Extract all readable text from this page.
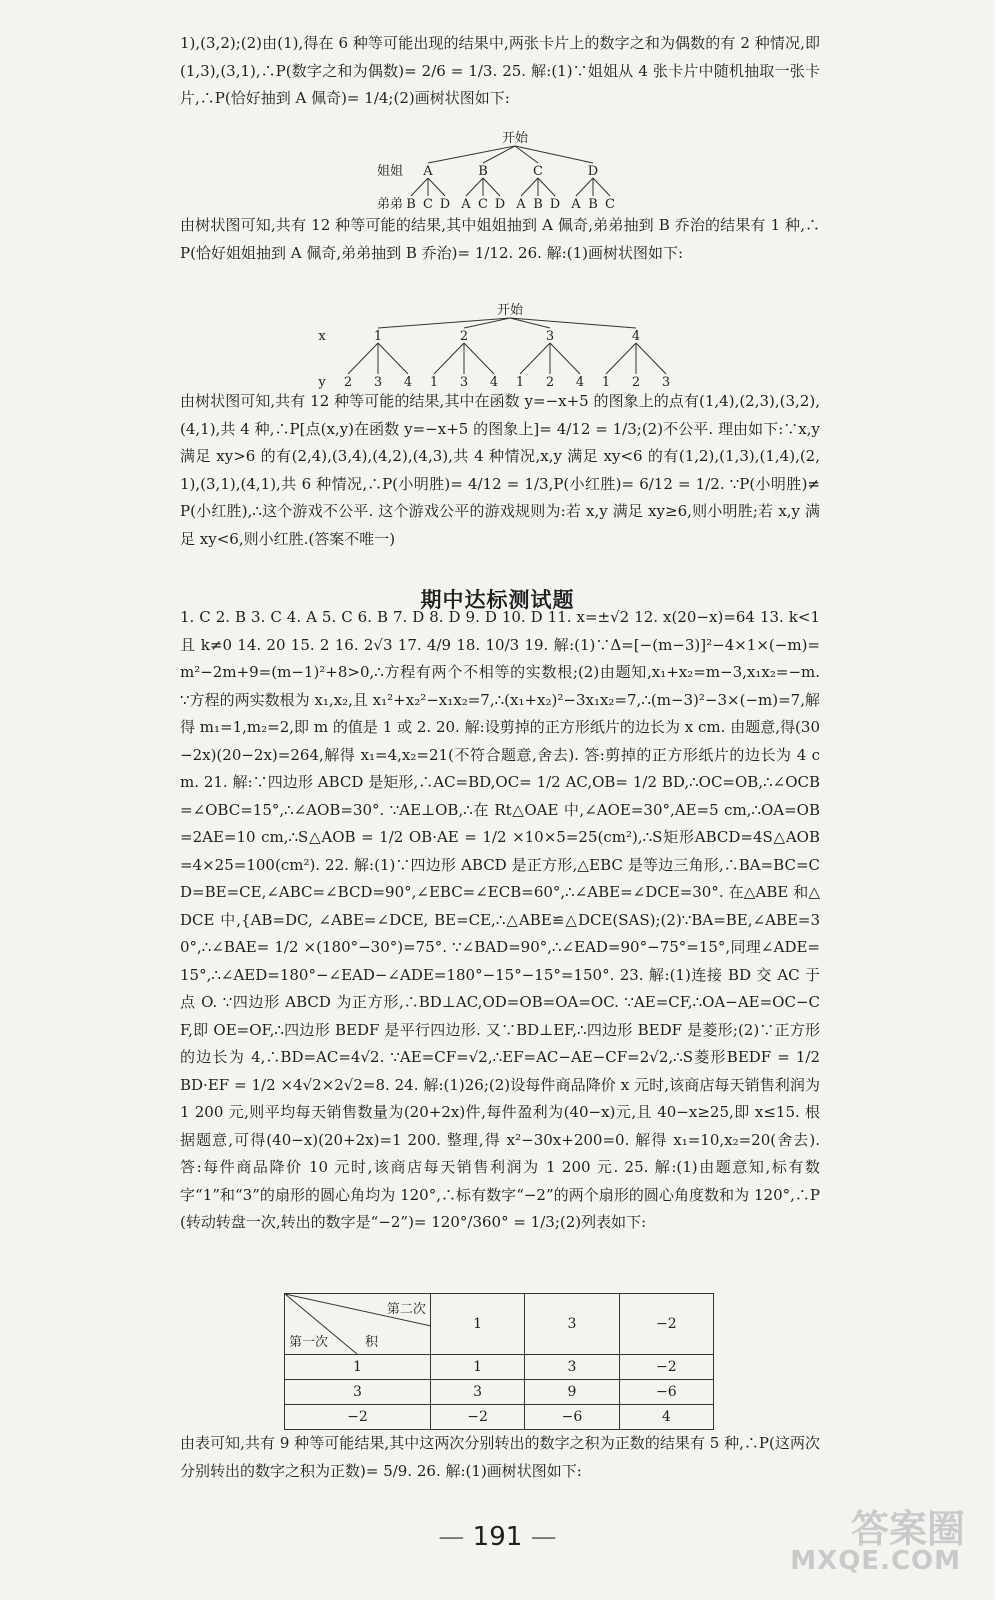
1),(3,2);(2)由(1),得在 6 种等可能出现的结果中,两张卡片上的数字之和为偶数的有 2 种情况,即(1,3),(3,1),∴P(数字之和为偶数)= 2/6 = 1/3. 25. 解:(1)∵姐姐从 4 张卡片中随机抽取一张卡片,∴P(恰好抽到 A 佩奇)= 1/4;(2)画树状图如下:
开始
姐姐
弟弟
A
B C D
B
A C D
C
A B D
D
A B C
由树状图可知,共有 12 种等可能的结果,其中姐姐抽到 A 佩奇,弟弟抽到 B 乔治的结果有 1 种,∴P(恰好姐姐抽到 A 佩奇,弟弟抽到 B 乔治)= 1/12. 26. 解:(1)画树状图如下:
开始
x
y
1
2 3 4
2
1 3 4
3
1 2 4
4
1 2 3
由树状图可知,共有 12 种等可能的结果,其中在函数 y=−x+5 的图象上的点有(1,4),(2,3),(3,2),(4,1),共 4 种,∴P[点(x,y)在函数 y=−x+5 的图象上]= 4/12 = 1/3;(2)不公平. 理由如下:∵x,y 满足 xy>6 的有(2,4),(3,4),(4,2),(4,3),共 4 种情况,x,y 满足 xy<6 的有(1,2),(1,3),(1,4),(2,1),(3,1),(4,1),共 6 种情况,∴P(小明胜)= 4/12 = 1/3,P(小红胜)= 6/12 = 1/2. ∵P(小明胜)≠P(小红胜),∴这个游戏不公平. 这个游戏公平的游戏规则为:若 x,y 满足 xy≥6,则小明胜;若 x,y 满足 xy<6,则小红胜.(答案不唯一)
期中达标测试题
1. C 2. B 3. C 4. A 5. C 6. B 7. D 8. D 9. D 10. D 11. x=±√2 12. x(20−x)=64 13. k<1 且 k≠0 14. 20 15. 2 16. 2√3 17. 4/9 18. 10/3 19. 解:(1)∵Δ=[−(m−3)]²−4×1×(−m)=m²−2m+9=(m−1)²+8>0,∴方程有两个不相等的实数根;(2)由题知,x₁+x₂=m−3,x₁x₂=−m. ∵方程的两实数根为 x₁,x₂,且 x₁²+x₂²−x₁x₂=7,∴(x₁+x₂)²−3x₁x₂=7,∴(m−3)²−3×(−m)=7,解得 m₁=1,m₂=2,即 m 的值是 1 或 2. 20. 解:设剪掉的正方形纸片的边长为 x cm. 由题意,得(30−2x)(20−2x)=264,解得 x₁=4,x₂=21(不符合题意,舍去). 答:剪掉的正方形纸片的边长为 4 cm. 21. 解:∵四边形 ABCD 是矩形,∴AC=BD,OC= 1/2 AC,OB= 1/2 BD,∴OC=OB,∴∠OCB=∠OBC=15°,∴∠AOB=30°. ∵AE⊥OB,∴在 Rt△OAE 中,∠AOE=30°,AE=5 cm,∴OA=OB=2AE=10 cm,∴S△AOB = 1/2 OB·AE = 1/2 ×10×5=25(cm²),∴S矩形ABCD=4S△AOB=4×25=100(cm²). 22. 解:(1)∵四边形 ABCD 是正方形,△EBC 是等边三角形,∴BA=BC=CD=BE=CE,∠ABC=∠BCD=90°,∠EBC=∠ECB=60°,∴∠ABE=∠DCE=30°. 在△ABE 和△DCE 中,{AB=DC, ∠ABE=∠DCE, BE=CE,∴△ABE≌△DCE(SAS);(2)∵BA=BE,∠ABE=30°,∴∠BAE= 1/2 ×(180°−30°)=75°. ∵∠BAD=90°,∴∠EAD=90°−75°=15°,同理∠ADE=15°,∴∠AED=180°−∠EAD−∠ADE=180°−15°−15°=150°. 23. 解:(1)连接 BD 交 AC 于点 O. ∵四边形 ABCD 为正方形,∴BD⊥AC,OD=OB=OA=OC. ∵AE=CF,∴OA−AE=OC−CF,即 OE=OF,∴四边形 BEDF 是平行四边形. 又∵BD⊥EF,∴四边形 BEDF 是菱形;(2)∵正方形的边长为 4,∴BD=AC=4√2. ∵AE=CF=√2,∴EF=AC−AE−CF=2√2,∴S菱形BEDF = 1/2 BD·EF = 1/2 ×4√2×2√2=8. 24. 解:(1)26;(2)设每件商品降价 x 元时,该商店每天销售利润为 1 200 元,则平均每天销售数量为(20+2x)件,每件盈利为(40−x)元,且 40−x≥25,即 x≤15. 根据题意,可得(40−x)(20+2x)=1 200. 整理,得 x²−30x+200=0. 解得 x₁=10,x₂=20(舍去). 答:每件商品降价 10 元时,该商店每天销售利润为 1 200 元. 25. 解:(1)由题意知,标有数字“1”和“3”的扇形的圆心角均为 120°,∴标有数字“−2”的两个扇形的圆心角度数和为 120°,∴P(转动转盘一次,转出的数字是“−2”)= 120°/360° = 1/3;(2)列表如下:
第二次
第一次 积	1	3	−2
1	1	3	−2
3	3	9	−6
−2	−2	−6	4
由表可知,共有 9 种等可能结果,其中这两次分别转出的数字之积为正数的结果有 5 种,∴P(这两次分别转出的数字之积为正数)= 5/9. 26. 解:(1)画树状图如下:
— 191 —	答案圈
MXQE.COM
